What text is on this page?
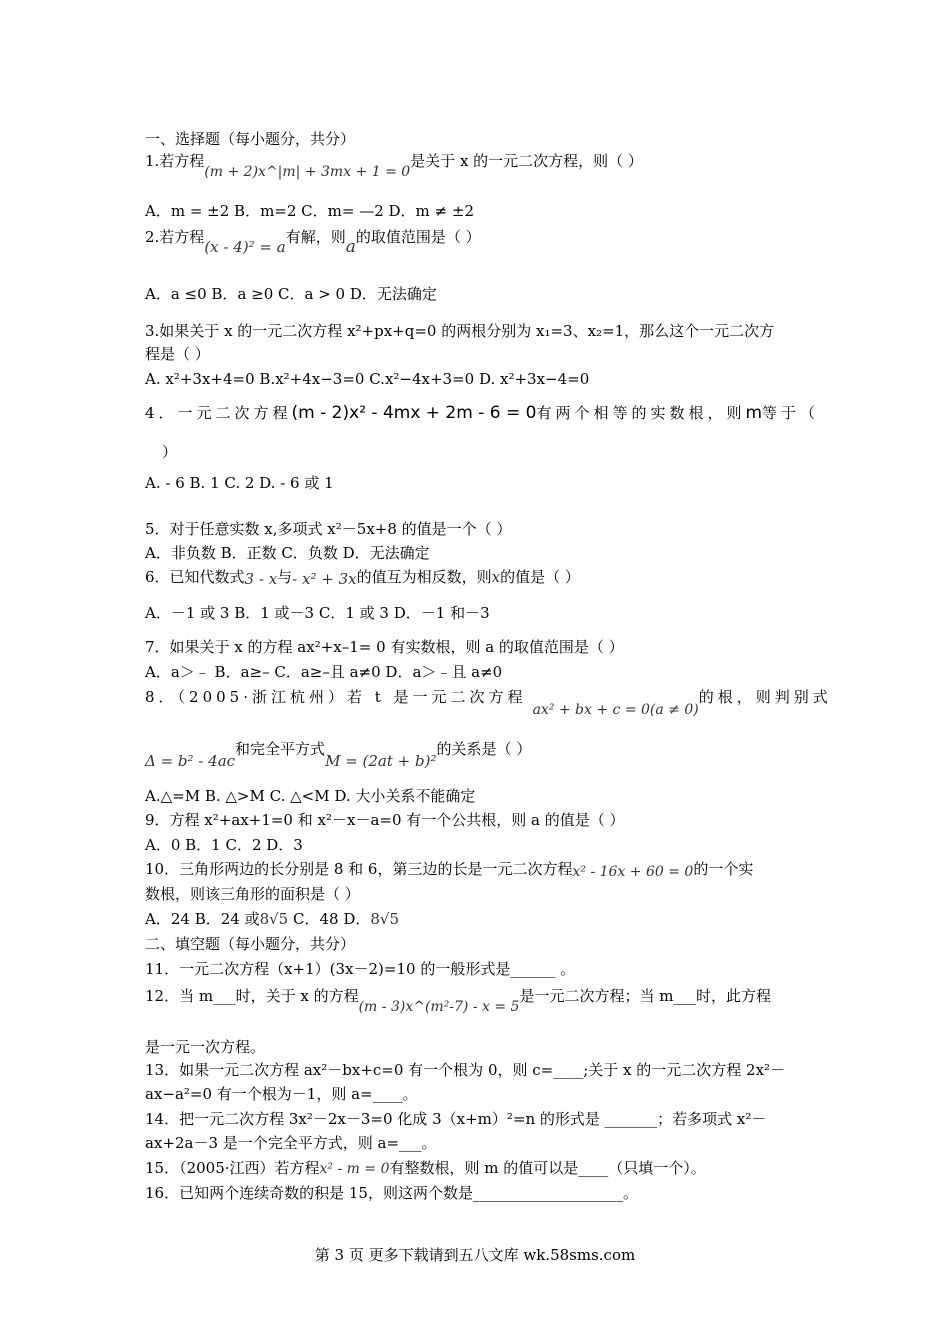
一、选择题（每小题分，共分）
1.若方程(m + 2)x^|m| + 3mx + 1 = 0是关于 x 的一元二次方程，则（ ）
A．m = ±2 B．m=2 C．m= —2 D．m ≠ ±2
2.若方程(x - 4)² = a有解，则a的取值范围是（ ）
A．a ≤0 B．a ≥0 C．a > 0 D．无法确定
3.如果关于 x 的一元二次方程 x²+px+q=0 的两根分别为 x₁=3、x₂=1，那么这个一元二次方
程是（ ）
A. x²+3x+4=0 B.x²+4x−3=0 C.x²−4x+3=0 D. x²+3x−4=0
4．一元二次方程(m - 2)x² - 4mx + 2m - 6 = 0有两个相等的实数根，则m等于（
）
A. - 6 B. 1 C. 2 D. - 6 或 1
5．对于任意实数 x,多项式 x²－5x+8 的值是一个（ ）
A．非负数 B．正数 C．负数 D．无法确定
6．已知代数式3 - x与- x² + 3x的值互为相反数，则x的值是（ ）
A．－1 或 3 B．1 或－3 C．1 或 3 D．－1 和－3
7．如果关于 x 的方程 ax²+x–1= 0 有实数根，则 a 的取值范围是（ ）
A．a＞﹣ B．a≥– C．a≥–且 a≠0 D．a＞﹣且 a≠0
8．（2005·浙江杭州）若 t 是一元二次方程ax² + bx + c = 0(a ≠ 0)的根，则判别式
Δ = b² - 4ac和完全平方式M = (2at + b)²的关系是（ ）
A.△=M B. △>M C. △<M D. 大小关系不能确定
9．方程 x²+ax+1=0 和 x²－x－a=0 有一个公共根，则 a 的值是（ ）
A．0 B．1 C．2 D．3
10．三角形两边的长分别是 8 和 6，第三边的长是一元二次方程x² - 16x + 60 = 0的一个实
数根，则该三角形的面积是（ ）
A．24 B．24 或8√5 C．48 D．8√5
二、填空题（每小题分，共分）
11．一元二次方程（x+1）(3x－2)=10 的一般形式是______ 。
12．当 m___时，关于 x 的方程(m - 3)x^(m²-7) - x = 5是一元二次方程；当 m___时，此方程
是一元一次方程。
13．如果一元二次方程 ax²－bx+c=0 有一个根为 0，则 c=____;关于 x 的一元二次方程 2x²－
ax−a²=0 有一个根为－1，则 a=____。
14．把一元二次方程 3x²－2x－3=0 化成 3（x+m）²=n 的形式是 _______；若多项式 x²－
ax+2a－3 是一个完全平方式，则 a=___。
15．（2005·江西）若方程x² - m = 0有整数根，则 m 的值可以是____（只填一个）。
16．已知两个连续奇数的积是 15，则这两个数是____________________。
第 3 页 更多下载请到五八文库 wk.58sms.com
